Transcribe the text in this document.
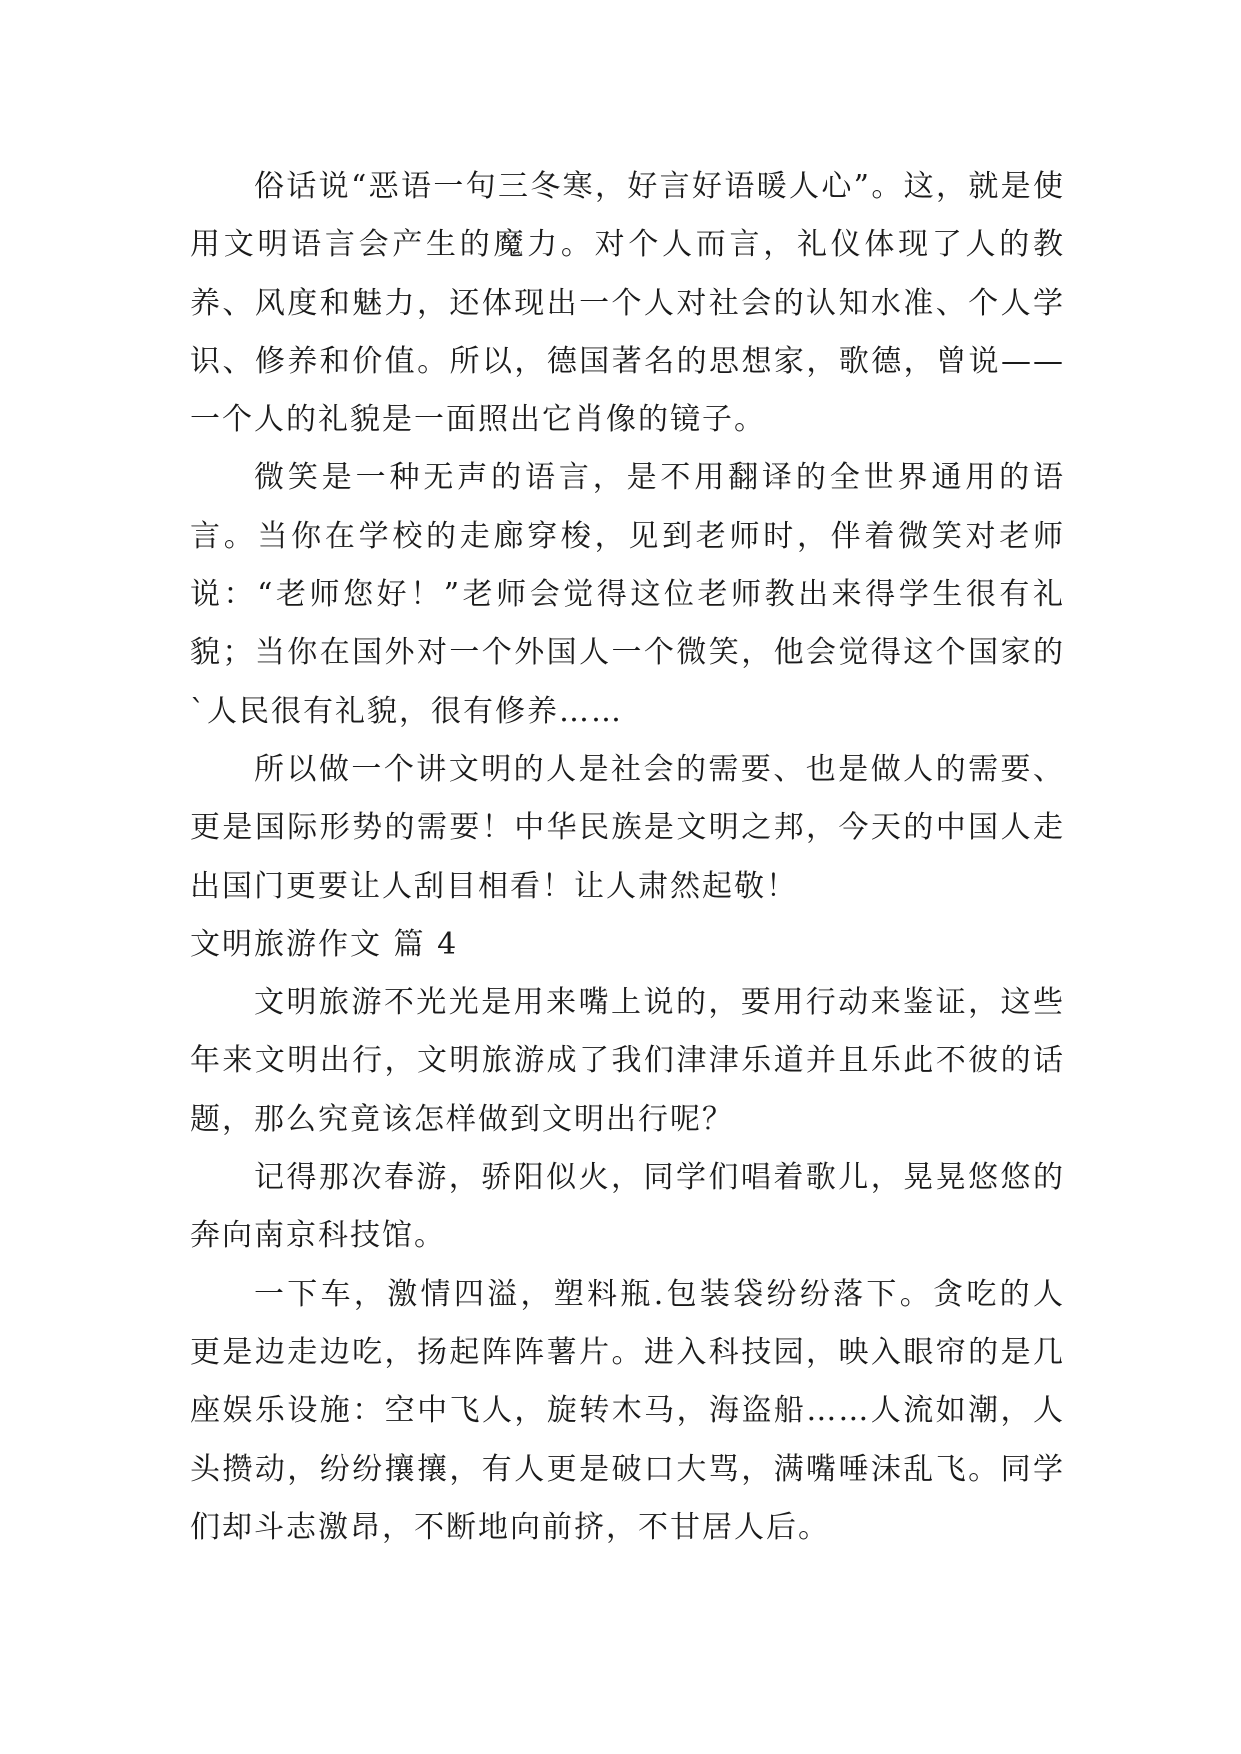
俗话说“恶语一句三冬寒，好言好语暖人心”。这，就是使用文明语言会产生的魔力。对个人而言，礼仪体现了人的教养、风度和魅力，还体现出一个人对社会的认知水准、个人学识、修养和价值。所以，德国著名的思想家，歌德，曾说——一个人的礼貌是一面照出它肖像的镜子。

微笑是一种无声的语言，是不用翻译的全世界通用的语言。当你在学校的走廊穿梭，见到老师时，伴着微笑对老师说：“老师您好！”老师会觉得这位老师教出来得学生很有礼貌；当你在国外对一个外国人一个微笑，他会觉得这个国家的`人民很有礼貌，很有修养……

所以做一个讲文明的人是社会的需要、也是做人的需要、更是国际形势的需要！中华民族是文明之邦，今天的中国人走出国门更要让人刮目相看！让人肃然起敬！

文明旅游作文 篇 4

文明旅游不光光是用来嘴上说的，要用行动来鉴证，这些年来文明出行，文明旅游成了我们津津乐道并且乐此不彼的话题，那么究竟该怎样做到文明出行呢？

记得那次春游，骄阳似火，同学们唱着歌儿，晃晃悠悠的奔向南京科技馆。

一下车，激情四溢，塑料瓶.包装袋纷纷落下。贪吃的人更是边走边吃，扬起阵阵薯片。进入科技园，映入眼帘的是几座娱乐设施：空中飞人，旋转木马，海盗船……人流如潮，人头攒动，纷纷攘攘，有人更是破口大骂，满嘴唾沫乱飞。同学们却斗志激昂，不断地向前挤，不甘居人后。
